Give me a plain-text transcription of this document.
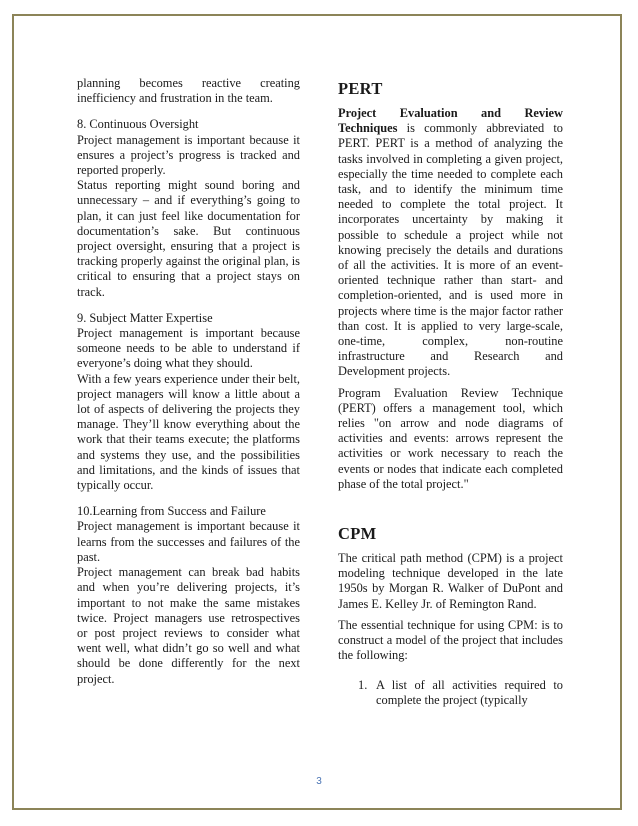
planning becomes reactive creating inefficiency and frustration in the team.

8. Continuous Oversight

Project management is important because it ensures a project’s progress is tracked and reported properly.

Status reporting might sound boring and unnecessary – and if everything’s going to plan, it can just feel like documentation for documentation’s sake. But continuous project oversight, ensuring that a project is tracking properly against the original plan, is critical to ensuring that a project stays on track.

9. Subject Matter Expertise

Project management is important because someone needs to be able to understand if everyone’s doing what they should.

With a few years experience under their belt, project managers will know a little about a lot of aspects of delivering the projects they manage. They’ll know everything about the work that their teams execute; the platforms and systems they use, and the possibilities and limitations, and the kinds of issues that typically occur.

10.Learning from Success and Failure

Project management is important because it learns from the successes and failures of the past.

Project management can break bad habits and when you’re delivering projects, it’s important to not make the same mistakes twice. Project managers use retrospectives or post project reviews to consider what went well, what didn’t go so well and what should be done differently for the next project.

PERT

Project Evaluation and Review Techniques is commonly abbreviated to PERT. PERT is a method of analyzing the tasks involved in completing a given project, especially the time needed to complete each task, and to identify the minimum time needed to complete the total project. It incorporates uncertainty by making it possible to schedule a project while not knowing precisely the details and durations of all the activities. It is more of an event-oriented technique rather than start- and completion-oriented, and is used more in projects where time is the major factor rather than cost. It is applied to very large-scale, one-time, complex, non-routine infrastructure and Research and Development projects.

Program Evaluation Review Technique (PERT) offers a management tool, which relies "on arrow and node diagrams of activities and events: arrows represent the activities or work necessary to reach the events or nodes that indicate each completed phase of the total project."

CPM

The critical path method (CPM) is a project modeling technique developed in the late 1950s by Morgan R. Walker of DuPont and James E. Kelley Jr. of Remington Rand.

The essential technique for using CPM: is to construct a model of the project that includes the following:

1. A list of all activities required to complete the project (typically
3
